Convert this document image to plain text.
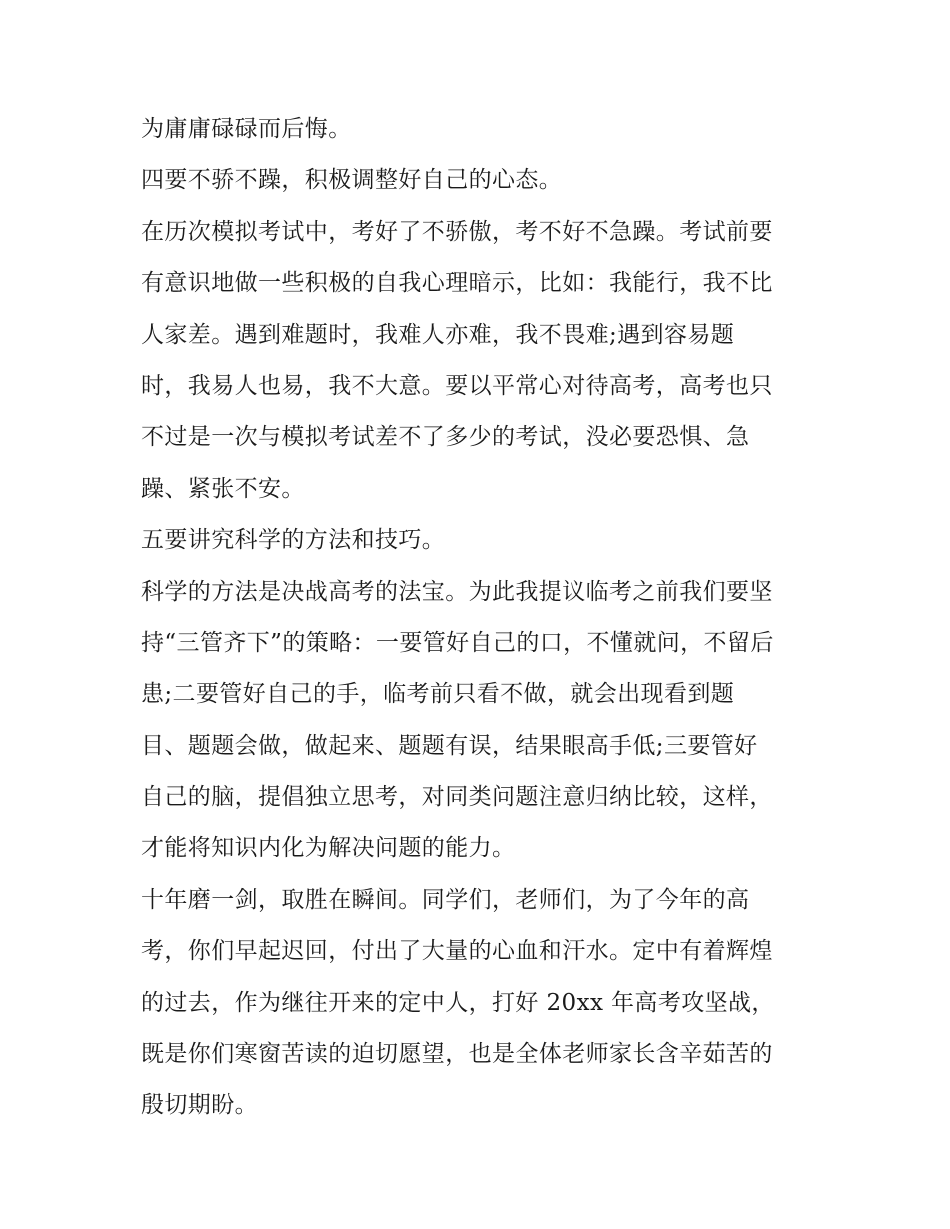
为庸庸碌碌而后悔。
四要不骄不躁，积极调整好自己的心态。
在历次模拟考试中，考好了不骄傲，考不好不急躁。考试前要
有意识地做一些积极的自我心理暗示，比如：我能行，我不比
人家差。遇到难题时，我难人亦难，我不畏难;遇到容易题
时，我易人也易，我不大意。要以平常心对待高考，高考也只
不过是一次与模拟考试差不了多少的考试，没必要恐惧、急
躁、紧张不安。
五要讲究科学的方法和技巧。
科学的方法是决战高考的法宝。为此我提议临考之前我们要坚
持“三管齐下”的策略：一要管好自己的口，不懂就问，不留后
患;二要管好自己的手，临考前只看不做，就会出现看到题
目、题题会做，做起来、题题有误，结果眼高手低;三要管好
自己的脑，提倡独立思考，对同类问题注意归纳比较，这样，
才能将知识内化为解决问题的能力。
十年磨一剑，取胜在瞬间。同学们，老师们，为了今年的高
考，你们早起迟回，付出了大量的心血和汗水。定中有着辉煌
的过去，作为继往开来的定中人，打好 20xx 年高考攻坚战，
既是你们寒窗苦读的迫切愿望，也是全体老师家长含辛茹苦的
殷切期盼。
